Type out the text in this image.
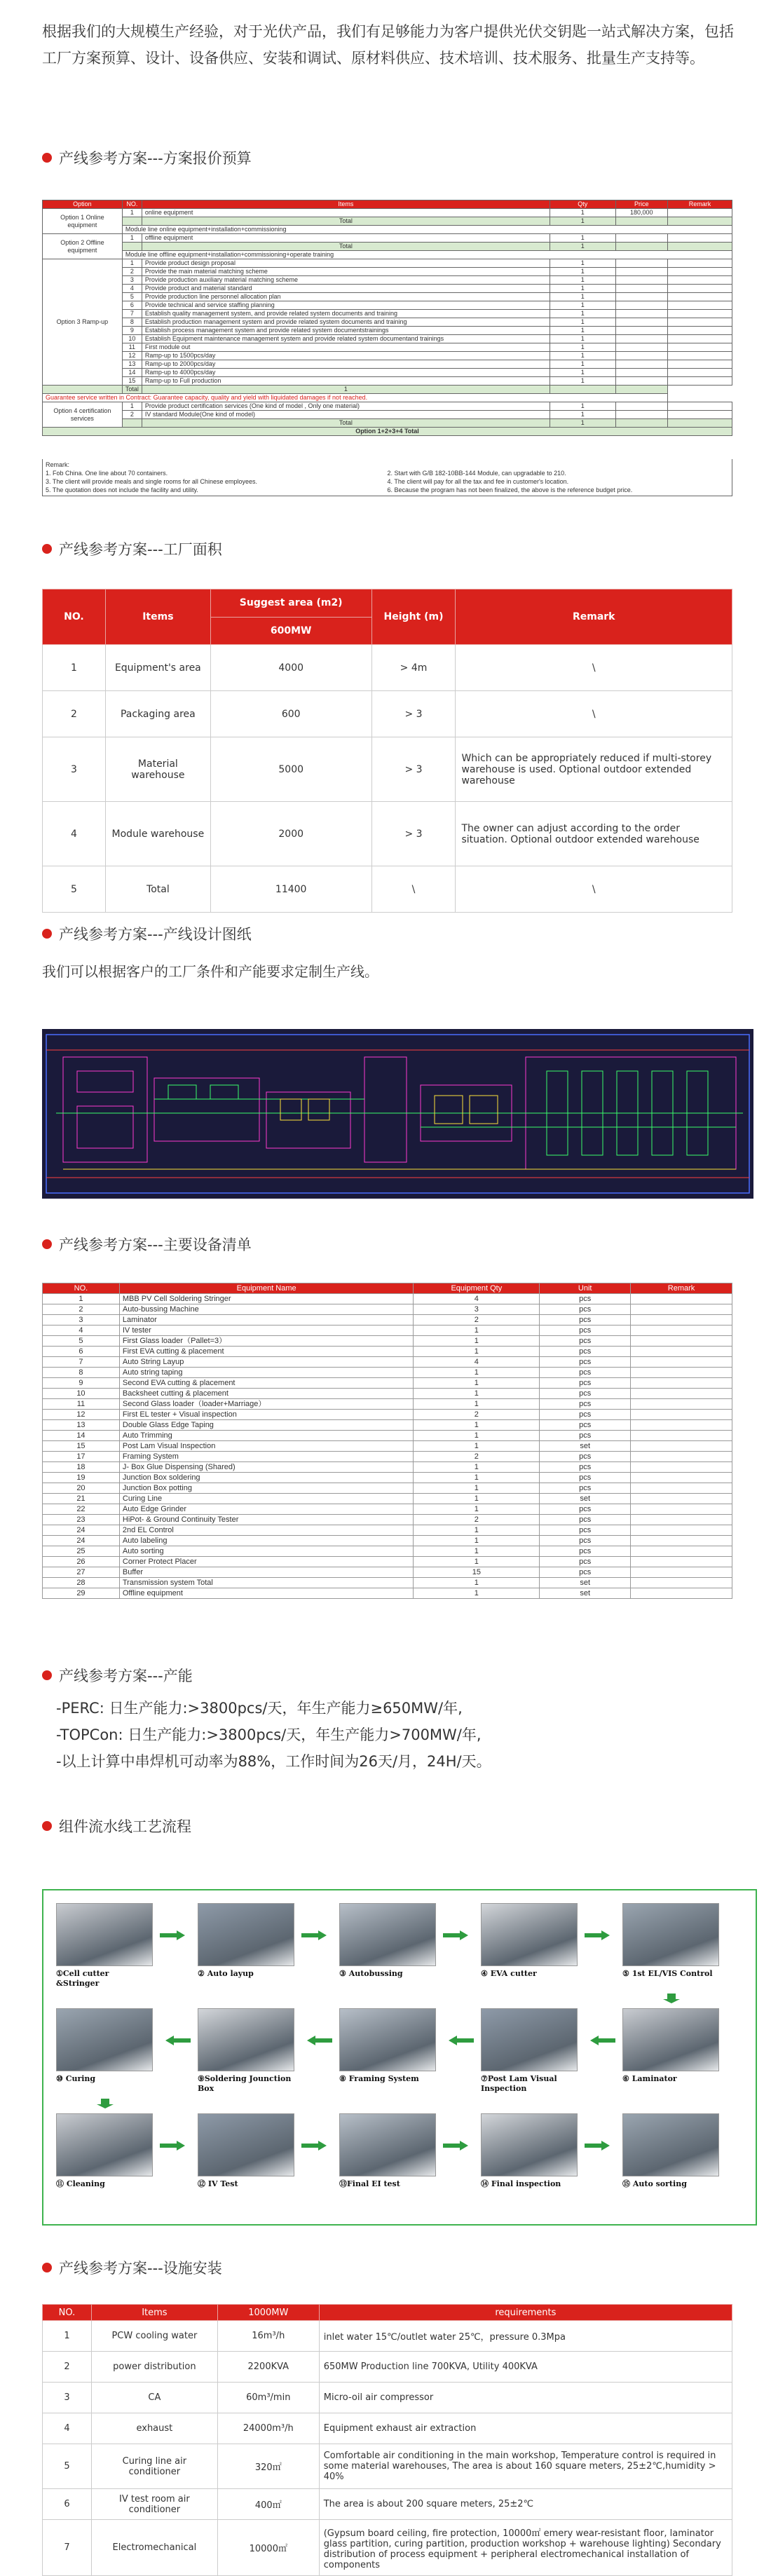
根据我们的大规模生产经验，对于光伏产品，我们有足够能力为客户提供光伏交钥匙一站式解决方案，包括工厂方案预算、设计、设备供应、安装和调试、原材料供应、技术培训、技术服务、批量生产支持等。
产线参考方案---方案报价预算
Option	NO.	Items	Qty	Price	Remark
Option 1 Online equipment	1	online equipment	1	180,000	
		Total	1		
	Module line online equipment+installation+commissioning				
Option 2 Offline equipment	1	offline equipment	1		
		Total	1		
	Module line offline equipment+installation+commissioning+operate training				
Option 3 Ramp-up	1	Provide product design proposal	1		
	2	Provide the main material matching scheme	1		
	3	Provide production auxiliary material matching scheme	1		
	4	Provide product and material standard	1		
	5	Provide production line personnel allocation plan	1		
	6	Provide technical and service staffing planning	1		
	7	Establish quality management system, and provide related system documents and training	1		
	8	Establish production management system and provide related system documents and training	1		
	9	Establish process management system and provide related system documentstrainings	1		
	10	Establish Equipment maintenance management system and provide related system documentand trainings	1		
	11	First module out	1		
	12	Ramp-up to 1500pcs/day	1		
	13	Ramp-up to 2000pcs/day	1		
	14	Ramp-up to 4000pcs/day	1		
	15	Ramp-up to Full production	1		
	Total	1			
Guarantee service written in Contract: Guarantee capacity, quality and yield with liquidated damages if not reached.					
Option 4 certification services	1	Provide product certification services (One kind of model , Only one material)	1		
	2	IV standard Module(One kind of model)	1		
		Total	1		
Option 1+2+3+4 Total					
Remark:
1. Fob China. One line about 70 containers.	2. Start with G/B 182-10BB-144 Module, can upgradable to 210.
3. The client will provide meals and single rooms for all Chinese employees.	4. The client will pay for all the tax and fee in customer's location.
5. The quotation does not include the facility and utility.	6. Because the program has not been finalized, the above is the reference budget price.
产线参考方案---工厂面积
NO.	Items	Suggest area (m2)	Height (m)	Remark
		600MW		
1	Equipment's area	4000	> 4m	\
2	Packaging area	600	> 3	\
3	Material warehouse	5000	> 3	Which can be appropriately reduced if multi-storey warehouse is used. Optional outdoor extended warehouse
4	Module warehouse	2000	> 3	The owner can adjust according to the order situation. Optional outdoor extended warehouse
5	Total	11400	\	\
产线参考方案---产线设计图纸
我们可以根据客户的工厂条件和产能要求定制生产线。
产线参考方案---主要设备清单
NO.	Equipment Name	Equipment Qty	Unit	Remark
1	MBB PV Cell Soldering Stringer	4	pcs	
2	Auto-bussing Machine	3	pcs	
3	Laminator	2	pcs	
4	IV tester	1	pcs	
5	First Glass loader（Pallet=3）	1	pcs	
6	First EVA cutting & placement	1	pcs	
7	Auto String Layup	4	pcs	
8	Auto string taping	1	pcs	
9	Second EVA cutting & placement	1	pcs	
10	Backsheet cutting & placement	1	pcs	
11	Second Glass loader（loader+Marriage）	1	pcs	
12	First EL tester + Visual inspection	2	pcs	
13	Double Glass Edge Taping	1	pcs	
14	Auto Trimming	1	pcs	
15	Post Lam Visual Inspection	1	set	
17	Framing System	2	pcs	
18	J- Box Glue Dispensing (Shared)	1	pcs	
19	Junction Box soldering	1	pcs	
20	Junction Box potting	1	pcs	
21	Curing Line	1	set	
22	Auto Edge Grinder	1	pcs	
23	HiPot- & Ground Continuity Tester	2	pcs	
24	2nd EL Control	1	pcs	
24	Auto labeling	1	pcs	
25	Auto sorting	1	pcs	
26	Corner Protect Placer	1	pcs	
27	Buffer	15	pcs	
28	Transmission system Total	1	set	
29	Offline equipment	1	set	
产线参考方案---产能
-PERC: 日生产能力:>3800pcs/天，年生产能力≥650MW/年,
-TOPCon: 日生产能力:>3800pcs/天，年生产能力>700MW/年,
-以上计算中串焊机可动率为88%，工作时间为26天/月，24H/天。
组件流水线工艺流程
①Cell cutter &Stringer
② Auto layup	③ Autobussing	④ EVA cutter	⑤ 1st EL/VIS Control
⑥ Laminator
⑦Post Lam Visual Inspection
⑧ Framing System
⑨Soldering Jounction Box
⑩ Curing
⑪ Cleaning	⑫ IV Test	⑬Final EI test	⑭ Final inspection	⑮ Auto sorting
产线参考方案---设施安装
NO.	Items	1000MW	requirements
1	PCW cooling water	16m³/h	inlet water 15℃/outlet water 25℃，pressure 0.3Mpa
2	power distribution	2200KVA	650MW Production line 700KVA, Utility 400KVA
3	CA	60m³/min	Micro-oil air compressor
4	exhaust	24000m³/h	Equipment exhaust air extraction
5	Curing line air conditioner	320㎡	Comfortable air conditioning in the main workshop, Temperature control is required in some material warehouses, The area is about 160 square meters, 25±2℃,humidity > 40%
6	IV test room air conditioner	400㎡	The area is about 200 square meters, 25±2℃
7	Electromechanical	10000㎡	(Gypsum board ceiling, fire protection, 10000㎡ emery wear-resistant floor, laminator glass partition, curing partition, production workshop + warehouse lighting) Secondary distribution of process equipment + peripheral electromechanical installation of components
